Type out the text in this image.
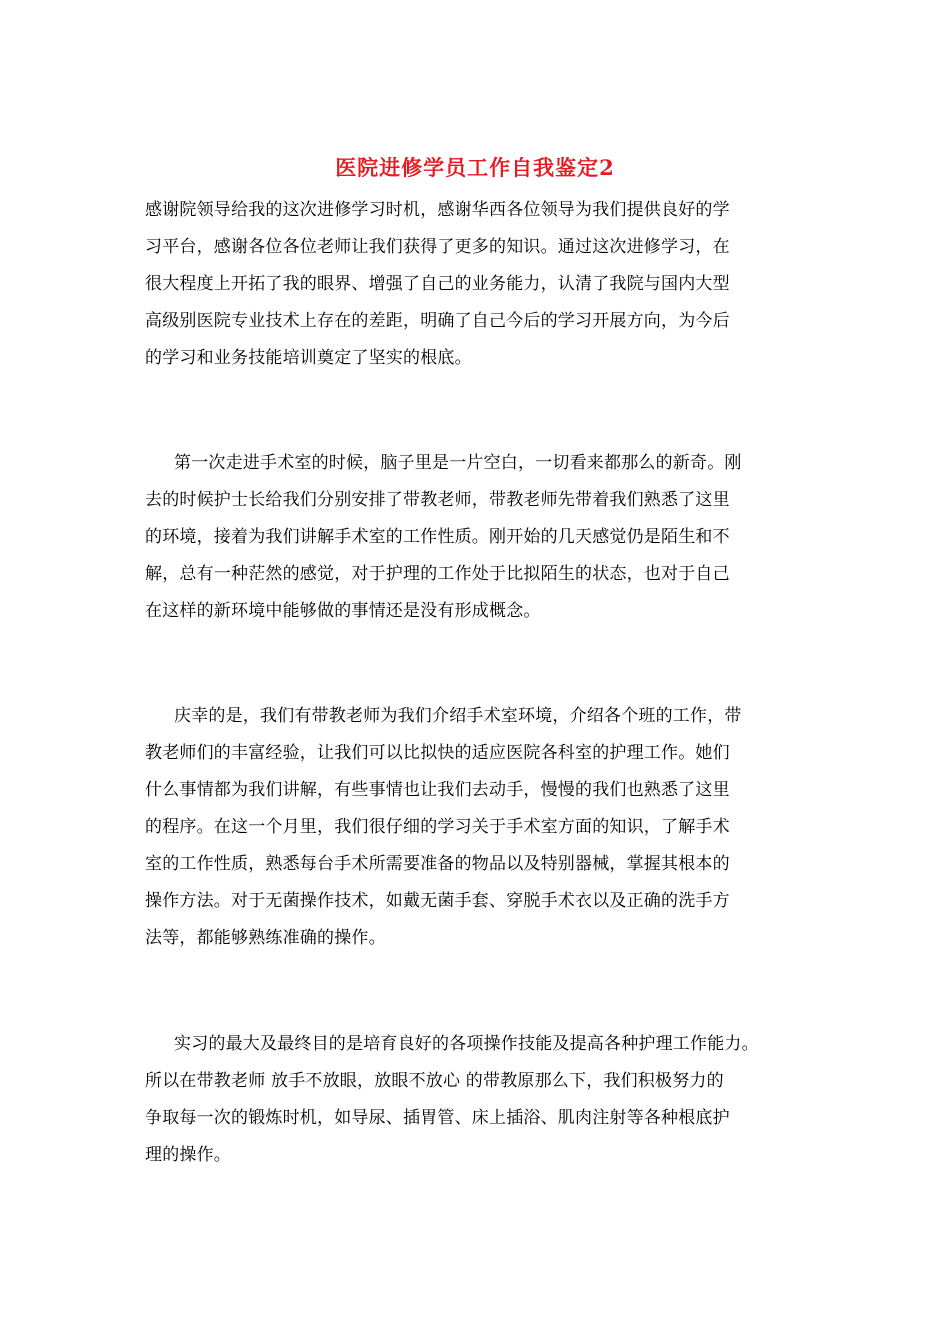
医院进修学员工作自我鉴定2
感谢院领导给我的这次进修学习时机，感谢华西各位领导为我们提供良好的学
习平台，感谢各位各位老师让我们获得了更多的知识。通过这次进修学习，在
很大程度上开拓了我的眼界、增强了自己的业务能力，认清了我院与国内大型
高级别医院专业技术上存在的差距，明确了自己今后的学习开展方向，为今后
的学习和业务技能培训奠定了坚实的根底。
第一次走进手术室的时候，脑子里是一片空白，一切看来都那么的新奇。刚
去的时候护士长给我们分别安排了带教老师，带教老师先带着我们熟悉了这里
的环境，接着为我们讲解手术室的工作性质。刚开始的几天感觉仍是陌生和不
解，总有一种茫然的感觉，对于护理的工作处于比拟陌生的状态，也对于自己
在这样的新环境中能够做的事情还是没有形成概念。
庆幸的是，我们有带教老师为我们介绍手术室环境，介绍各个班的工作，带
教老师们的丰富经验，让我们可以比拟快的适应医院各科室的护理工作。她们
什么事情都为我们讲解，有些事情也让我们去动手，慢慢的我们也熟悉了这里
的程序。在这一个月里，我们很仔细的学习关于手术室方面的知识，了解手术
室的工作性质，熟悉每台手术所需要准备的物品以及特别器械，掌握其根本的
操作方法。对于无菌操作技术，如戴无菌手套、穿脱手术衣以及正确的洗手方
法等，都能够熟练准确的操作。
实习的最大及最终目的是培育良好的各项操作技能及提高各种护理工作能力。
所以在带教老师 放手不放眼，放眼不放心 的带教原那么下，我们积极努力的
争取每一次的锻炼时机，如导尿、插胃管、床上插浴、肌肉注射等各种根底护
理的操作。
